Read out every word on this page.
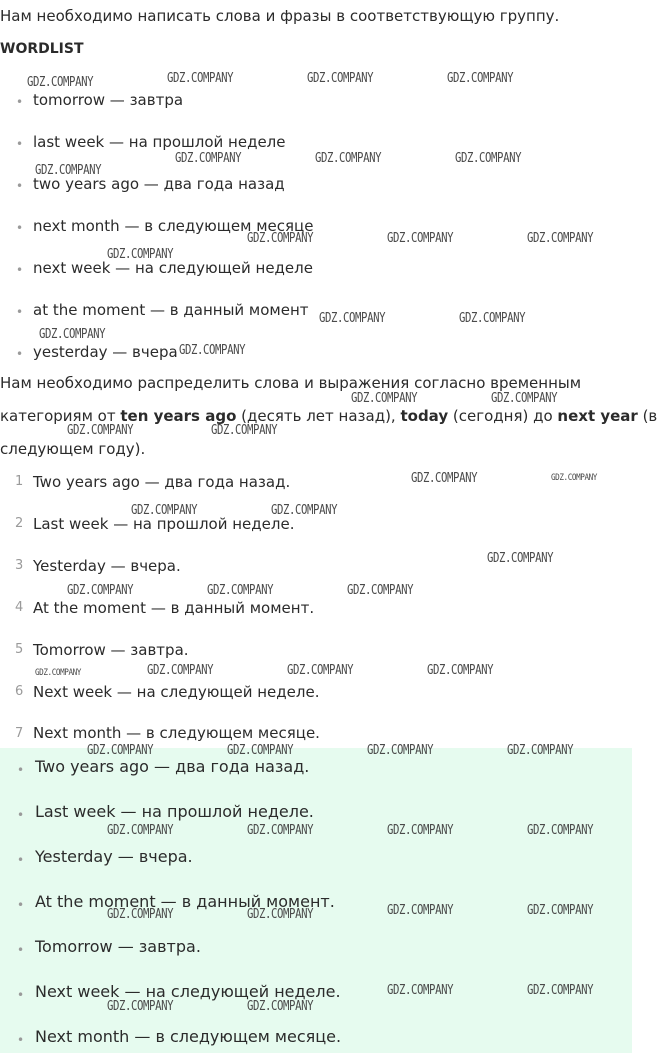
Нам необходимо написать слова и фразы в соответствующую группу.
WORDLIST
• tomorrow — завтра
• last week — на прошлой неделе
• two years ago — два года назад
• next month — в следующем месяце
• next week — на следующей неделе
• at the moment — в данный момент
• yesterday — вчера
Нам необходимо распределить слова и выражения согласно временным
категориям от ten years ago (десять лет назад), today (сегодня) до next year (в
следующем году).
1 Two years ago — два года назад.
2 Last week — на прошлой неделе.
3 Yesterday — вчера.
4 At the moment — в данный момент.
5 Tomorrow — завтра.
6 Next week — на следующей неделе.
7 Next month — в следующем месяце.
• Two years ago — два года назад.
• Last week — на прошлой неделе.
• Yesterday — вчера.
• At the moment — в данный момент.
• Tomorrow — завтра.
• Next week — на следующей неделе.
• Next month — в следующем месяце.
GDZ.COMPANY	GDZ.COMPANY	GDZ.COMPANY	GDZ.COMPANY
GDZ.COMPANY	GDZ.COMPANY	GDZ.COMPANY
GDZ.COMPANY
GDZ.COMPANY	GDZ.COMPANY	GDZ.COMPANY
GDZ.COMPANY
GDZ.COMPANY	GDZ.COMPANY
GDZ.COMPANY
GDZ.COMPANY
GDZ.COMPANY	GDZ.COMPANY
GDZ.COMPANY	GDZ.COMPANY
GDZ.COMPANY	GDZ.COMPANY
GDZ.COMPANY	GDZ.COMPANY
GDZ.COMPANY
GDZ.COMPANY	GDZ.COMPANY	GDZ.COMPANY
GDZ.COMPANY	GDZ.COMPANY	GDZ.COMPANY	GDZ.COMPANY
GDZ.COMPANY	GDZ.COMPANY	GDZ.COMPANY	GDZ.COMPANY
GDZ.COMPANY	GDZ.COMPANY	GDZ.COMPANY	GDZ.COMPANY
GDZ.COMPANY	GDZ.COMPANY	GDZ.COMPANY	GDZ.COMPANY
GDZ.COMPANY	GDZ.COMPANY
GDZ.COMPANY	GDZ.COMPANY
